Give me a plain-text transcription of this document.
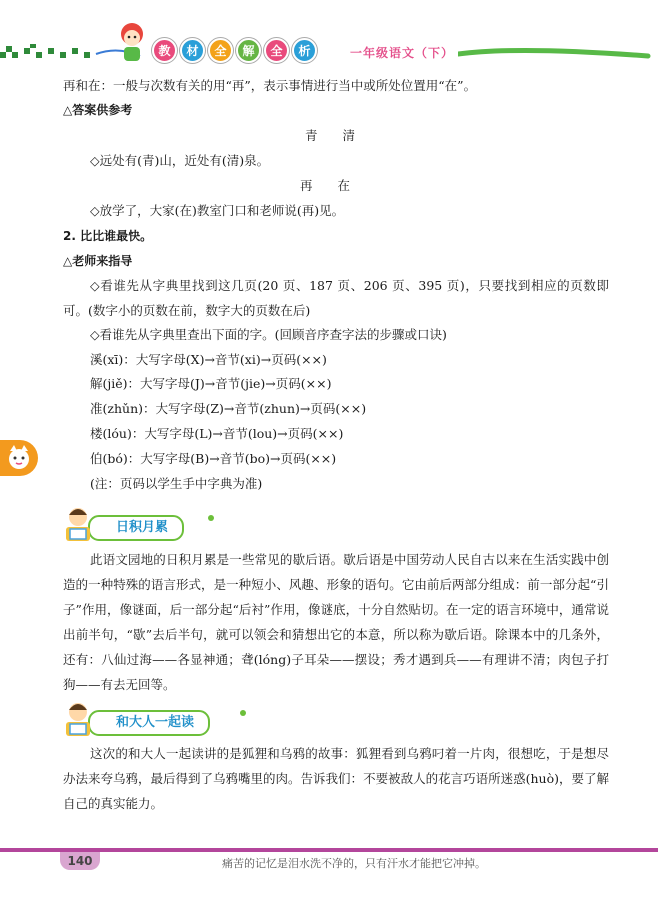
教	材	全	解	全	析	一年级语文（下）
再和在：一般与次数有关的用“再”，表示事情进行当中或所处位置用“在”。
△答案供参考
青　　清
◇远处有(青)山，近处有(清)泉。
再　　在
◇放学了，大家(在)教室门口和老师说(再)见。
2. 比比谁最快。
△老师来指导
◇看谁先从字典里找到这几页(20 页、187 页、206 页、395 页)，只要找到相应的页数即可。(数字小的页数在前，数字大的页数在后)
◇看谁先从字典里查出下面的字。(回顾音序查字法的步骤或口诀)
溪(xī)：大写字母(X)→音节(xi)→页码(××)
解(jiě)：大写字母(J)→音节(jie)→页码(××)
准(zhǔn)：大写字母(Z)→音节(zhun)→页码(××)
楼(lóu)：大写字母(L)→音节(lou)→页码(××)
伯(bó)：大写字母(B)→音节(bo)→页码(××)
(注：页码以学生手中字典为准)
日积月累
此语文园地的日积月累是一些常见的歇后语。歇后语是中国劳动人民自古以来在生活实践中创造的一种特殊的语言形式，是一种短小、风趣、形象的语句。它由前后两部分组成：前一部分起“引子”作用，像谜面，后一部分起“后衬”作用，像谜底，十分自然贴切。在一定的语言环境中，通常说出前半句，“歇”去后半句，就可以领会和猜想出它的本意，所以称为歇后语。除课本中的几条外，还有：八仙过海——各显神通；聋(lóng)子耳朵——摆设；秀才遇到兵——有理讲不清；肉包子打狗——有去无回等。
和大人一起读
这次的和大人一起读讲的是狐狸和乌鸦的故事：狐狸看到乌鸦叼着一片肉，很想吃，于是想尽办法来夸乌鸦，最后得到了乌鸦嘴里的肉。告诉我们：不要被敌人的花言巧语所迷惑(huò)，要了解自己的真实能力。
140	痛苦的记忆是泪水洗不净的，只有汗水才能把它冲掉。
